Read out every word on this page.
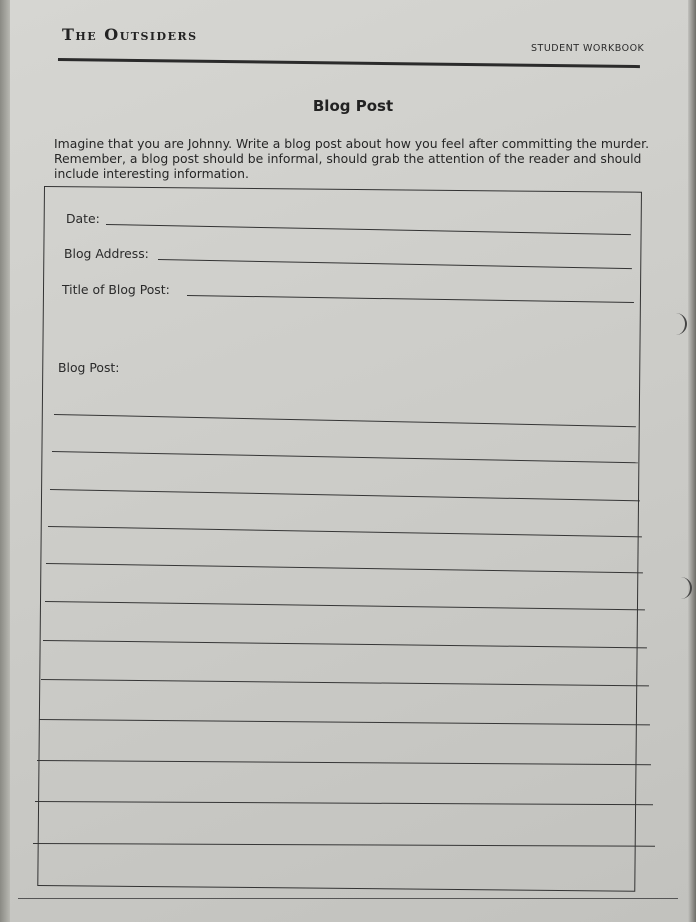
The Outsiders
STUDENT WORKBOOK
Blog Post
Imagine that you are Johnny. Write a blog post about how you feel after committing the murder. Remember, a blog post should be informal, should grab the attention of the reader and should include interesting information.
Date:
Blog Address:
Title of Blog Post:
Blog Post:
